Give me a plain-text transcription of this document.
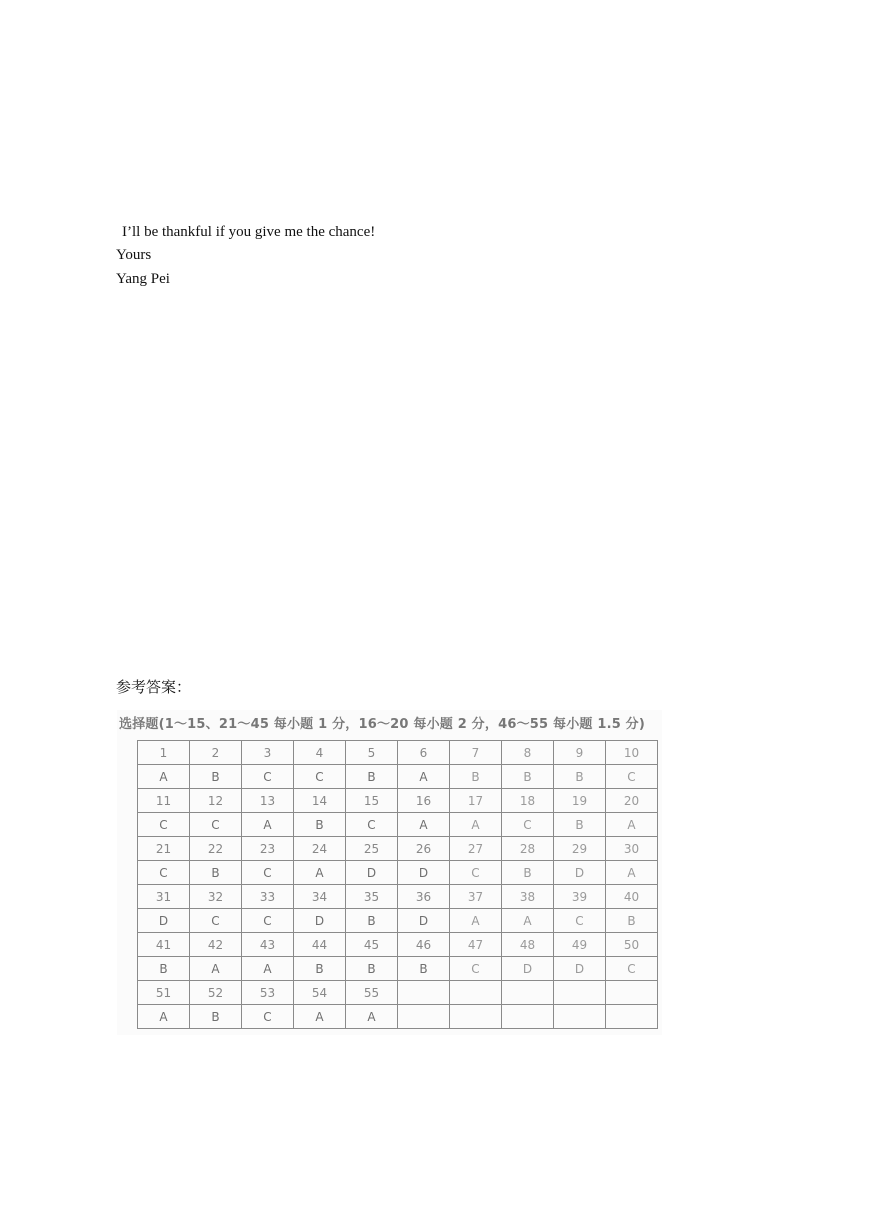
I’ll be thankful if you give me the chance!
Yours
Yang Pei
参考答案：
选择题(1～15、21～45 每小题 1 分，16～20 每小题 2 分，46～55 每小题 1.5 分)
1	2	3	4	5	6	7	8	9	10
A	B	C	C	B	A	B	B	B	C
11	12	13	14	15	16	17	18	19	20
C	C	A	B	C	A	A	C	B	A
21	22	23	24	25	26	27	28	29	30
C	B	C	A	D	D	C	B	D	A
31	32	33	34	35	36	37	38	39	40
D	C	C	D	B	D	A	A	C	B
41	42	43	44	45	46	47	48	49	50
B	A	A	B	B	B	C	D	D	C
51	52	53	54	55					
A	B	C	A	A					
